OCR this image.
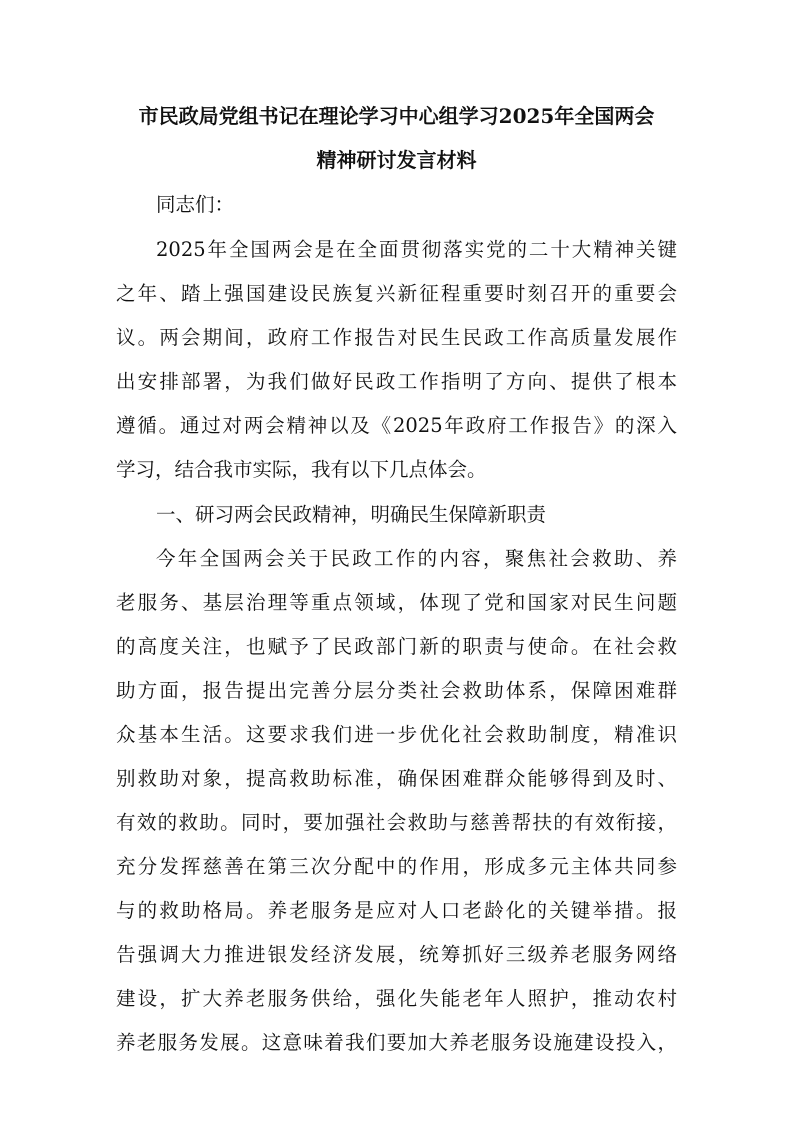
市民政局党组书记在理论学习中心组学习2025年全国两会
精神研讨发言材料
同志们：
2025年全国两会是在全面贯彻落实党的二十大精神关键
之年、踏上强国建设民族复兴新征程重要时刻召开的重要会
议。两会期间，政府工作报告对民生民政工作高质量发展作
出安排部署，为我们做好民政工作指明了方向、提供了根本
遵循。通过对两会精神以及《2025年政府工作报告》的深入
学习，结合我市实际，我有以下几点体会。
一、研习两会民政精神，明确民生保障新职责
今年全国两会关于民政工作的内容，聚焦社会救助、养
老服务、基层治理等重点领域，体现了党和国家对民生问题
的高度关注，也赋予了民政部门新的职责与使命。在社会救
助方面，报告提出完善分层分类社会救助体系，保障困难群
众基本生活。这要求我们进一步优化社会救助制度，精准识
别救助对象，提高救助标准，确保困难群众能够得到及时、
有效的救助。同时，要加强社会救助与慈善帮扶的有效衔接，
充分发挥慈善在第三次分配中的作用，形成多元主体共同参
与的救助格局。养老服务是应对人口老龄化的关键举措。报
告强调大力推进银发经济发展，统筹抓好三级养老服务网络
建设，扩大养老服务供给，强化失能老年人照护，推动农村
养老服务发展。这意味着我们要加大养老服务设施建设投入，
